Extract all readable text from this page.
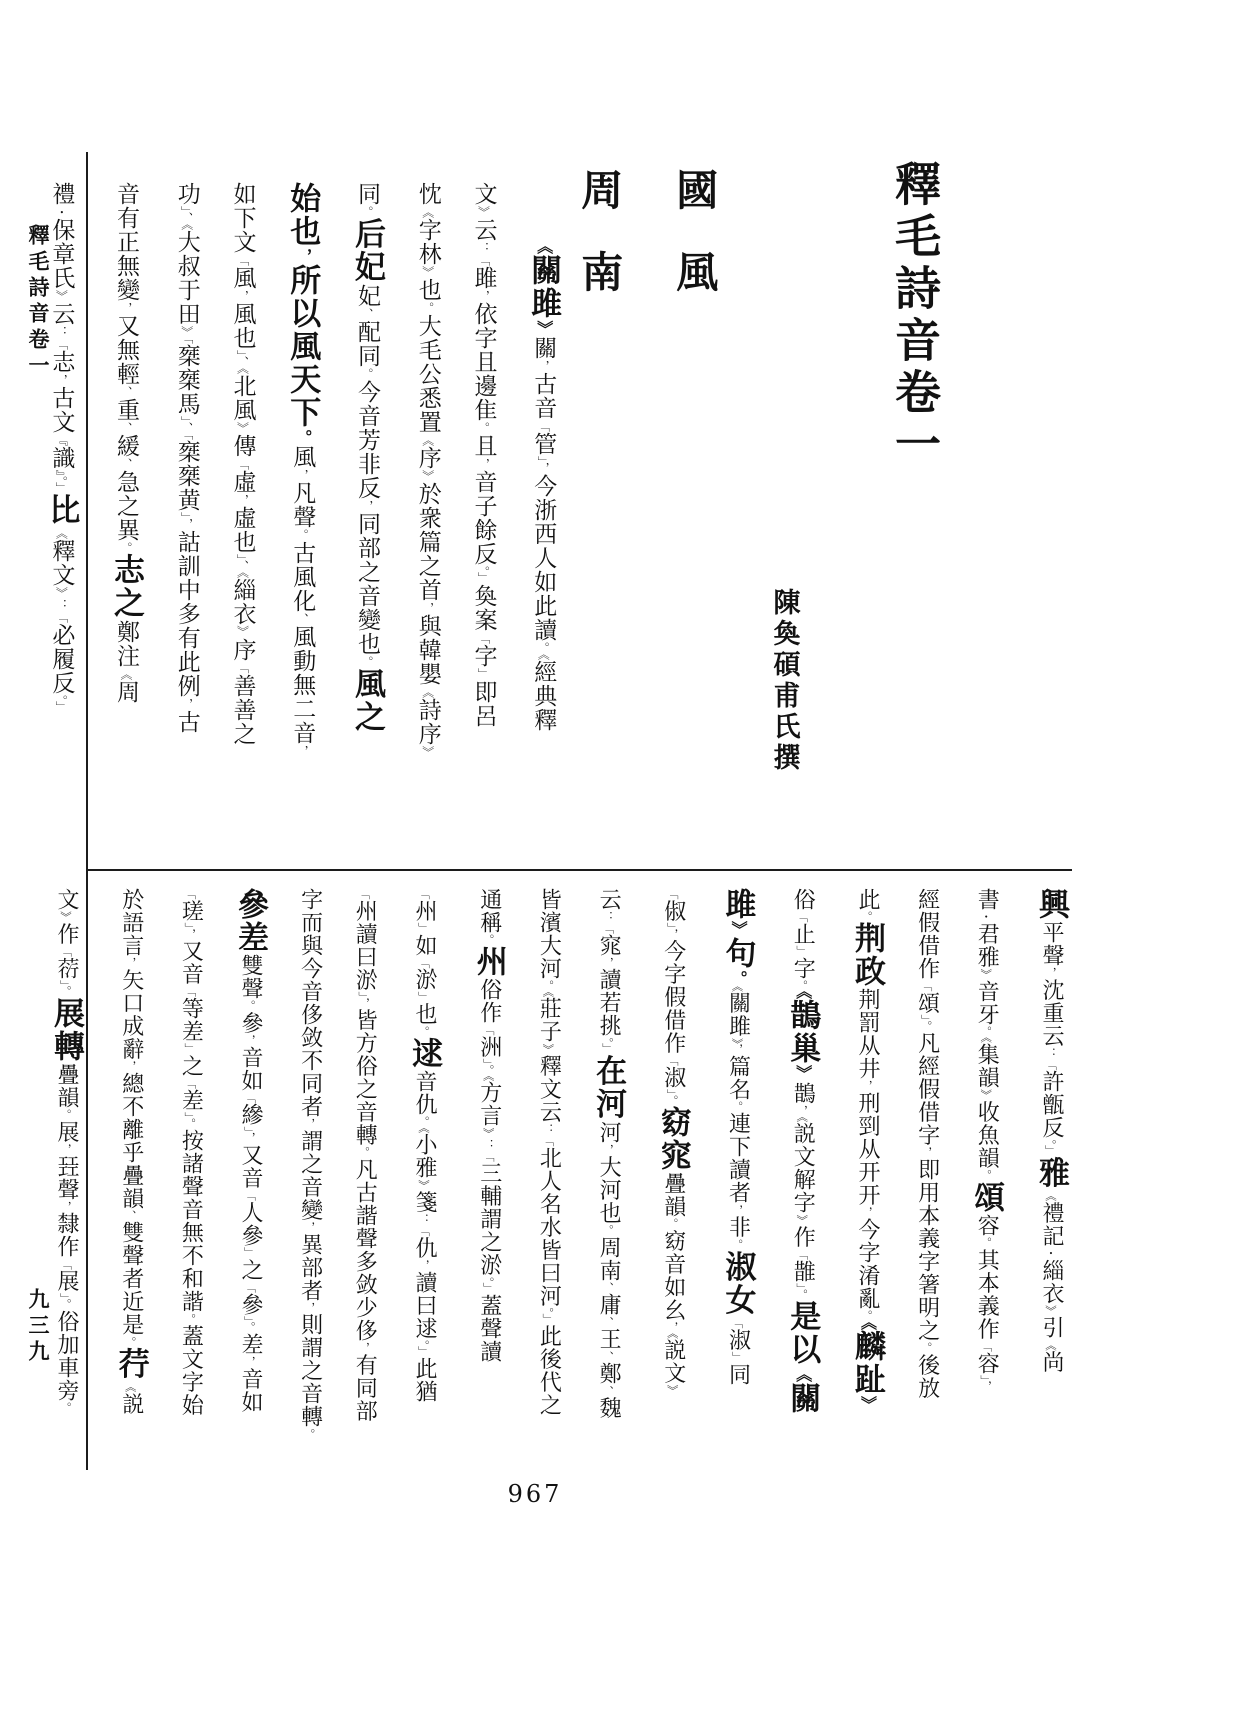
釋毛詩音卷一
九三九
釋毛詩音卷一
陳奐碩甫氏撰
國風
周南
《關雎》關，古音「管」，今浙西人如此讀。《經典釋
文》云：「雎，依字且邊隹。且，音子餘反。」奐案「字」即呂
忱《字林》也。大毛公悉置《序》於衆篇之首，與韓嬰《詩序》
同。后妃妃、配同。今音芳非反，同部之音變也。風之
始也，所以風天下。風，凡聲。古風化、風動無二音，
如下文「風，風也」、《北風》傳「虛，虛也」、《緇衣》序「善善之
功」、《大叔于田》「椉椉馬」、「椉椉黄」，詁訓中多有此例，古
音有正無變，又無輕、重、緩、急之異。志之鄭注《周
禮・保章氏》云：「志，古文『識』。」比《釋文》：「必履反。」
興平聲，沈重云：「許甑反。」雅《禮記・緇衣》引《尚
書・君雅》音牙。《集韻》收魚韻。頌容。其本義作「容」，
經假借作「頌」。凡經假借字，即用本義字箸明之。後放
此。荆政荆罰从井，刑剄从开开，今字淆亂。《麟趾》
俗「止」字。《鵲巢》鵲，《説文解字》作「䧿」。是以《關
雎》句。《關雎》，篇名。連下讀者，非。淑女「淑」同
「俶」，今字假借作「淑」。窈窕疊韻。窈音如幺，《説文》
云：「窕，讀若挑。」在河河，大河也。周南、庸、王、鄭、魏
皆濱大河。《莊子》釋文云：「北人名水皆曰河。」此後代之
通稱。州俗作「洲」。《方言》：「三輔謂之淤。」蓋聲讀
「州」如「淤」也。逑音仇。《小雅》箋：「仇，讀曰逑。」此猶
「州讀曰淤」，皆方俗之音轉。凡古諧聲多敛少侈，有同部
字而與今音侈敛不同者，謂之音變，異部者，則謂之音轉。
參差雙聲。參，音如「縿」，又音「人參」之「參」。差，音如
「瑳」，又音「等差」之「差」。按諸聲音無不和諧。蓋文字始
於語言，矢口成辭，總不離乎疊韻、雙聲者近是。荇《説
文》作「葕」。展轉疊韻。展，㠭聲，隸作「展」。俗加車旁。
967
